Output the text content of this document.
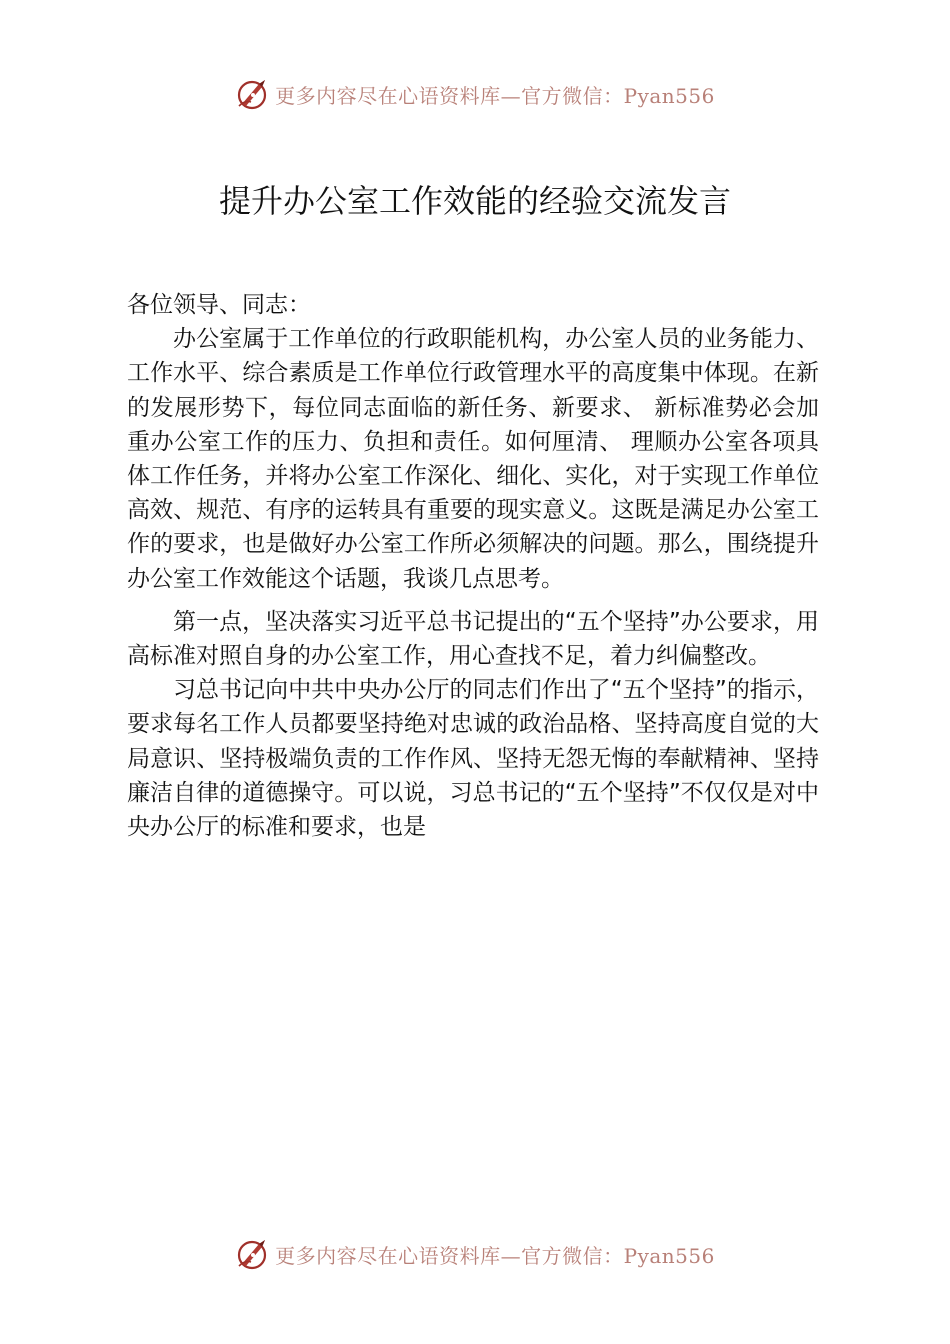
更多内容尽在心语资料库—官方微信：Pyan556
提升办公室工作效能的经验交流发言

各位领导、同志：

办公室属于工作单位的行政职能机构，办公室人员的业务能力、工作水平、综合素质是工作单位行政管理水平的高度集中体现。在新的发展形势下，每位同志面临的新任务、新要求、 新标准势必会加重办公室工作的压力、负担和责任。如何厘清、 理顺办公室各项具体工作任务，并将办公室工作深化、细化、实化，对于实现工作单位高效、规范、有序的运转具有重要的现实意义。这既是满足办公室工作的要求，也是做好办公室工作所必须解决的问题。那么，围绕提升办公室工作效能这个话题，我谈几点思考。

第一点，坚决落实习近平总书记提出的“五个坚持”办公要求，用高标准对照自身的办公室工作，用心查找不足，着力纠偏整改。

习总书记向中共中央办公厅的同志们作出了“五个坚持”的指示，要求每名工作人员都要坚持绝对忠诚的政治品格、坚持高度自觉的大局意识、坚持极端负责的工作作风、坚持无怨无悔的奉献精神、坚持廉洁自律的道德操守。可以说，习总书记的“五个坚持”不仅仅是对中央办公厅的标准和要求，也是

更多内容尽在心语资料库—官方微信：Pyan556
